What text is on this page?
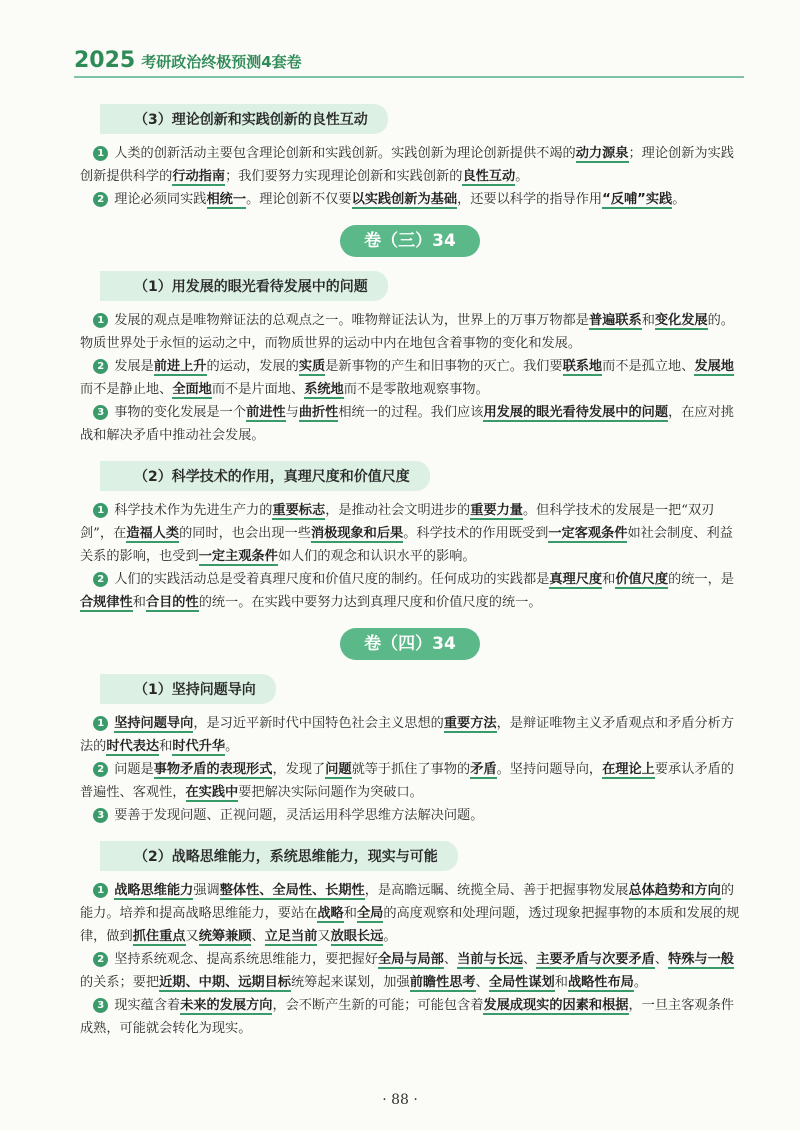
2025 考研政治终极预测4套卷
（3）理论创新和实践创新的良性互动

　1 人类的创新活动主要包含理论创新和实践创新。实践创新为理论创新提供不竭的动力源泉；理论创新为实践创新提供科学的行动指南；我们要努力实现理论创新和实践创新的良性互动。

　2 理论必须同实践相统一。理论创新不仅要以实践创新为基础，还要以科学的指导作用“反哺”实践。

卷（三）34
（1）用发展的眼光看待发展中的问题

　1 发展的观点是唯物辩证法的总观点之一。唯物辩证法认为，世界上的万事万物都是普遍联系和变化发展的。物质世界处于永恒的运动之中，而物质世界的运动中内在地包含着事物的变化和发展。

　2 发展是前进上升的运动，发展的实质是新事物的产生和旧事物的灭亡。我们要联系地而不是孤立地、发展地而不是静止地、全面地而不是片面地、系统地而不是零散地观察事物。

　3 事物的变化发展是一个前进性与曲折性相统一的过程。我们应该用发展的眼光看待发展中的问题，在应对挑战和解决矛盾中推动社会发展。

（2）科学技术的作用，真理尺度和价值尺度

　1 科学技术作为先进生产力的重要标志，是推动社会文明进步的重要力量。但科学技术的发展是一把“双刃剑”，在造福人类的同时，也会出现一些消极现象和后果。科学技术的作用既受到一定客观条件如社会制度、利益关系的影响，也受到一定主观条件如人们的观念和认识水平的影响。

　2 人们的实践活动总是受着真理尺度和价值尺度的制约。任何成功的实践都是真理尺度和价值尺度的统一，是合规律性和合目的性的统一。在实践中要努力达到真理尺度和价值尺度的统一。

卷（四）34
（1）坚持问题导向

　1 坚持问题导向，是习近平新时代中国特色社会主义思想的重要方法，是辩证唯物主义矛盾观点和矛盾分析方法的时代表达和时代升华。

　2 问题是事物矛盾的表现形式，发现了问题就等于抓住了事物的矛盾。坚持问题导向，在理论上要承认矛盾的普遍性、客观性，在实践中要把解决实际问题作为突破口。

　3 要善于发现问题、正视问题，灵活运用科学思维方法解决问题。

（2）战略思维能力，系统思维能力，现实与可能

　1 战略思维能力强调整体性、全局性、长期性，是高瞻远瞩、统揽全局、善于把握事物发展总体趋势和方向的能力。培养和提高战略思维能力，要站在战略和全局的高度观察和处理问题，透过现象把握事物的本质和发展的规律，做到抓住重点又统筹兼顾、立足当前又放眼长远。

　2 坚持系统观念、提高系统思维能力，要把握好全局与局部、当前与长远、主要矛盾与次要矛盾、特殊与一般的关系；要把近期、中期、远期目标统筹起来谋划，加强前瞻性思考、全局性谋划和战略性布局。

　3 现实蕴含着未来的发展方向，会不断产生新的可能；可能包含着发展成现实的因素和根据，一旦主客观条件成熟，可能就会转化为现实。

· 88 ·
